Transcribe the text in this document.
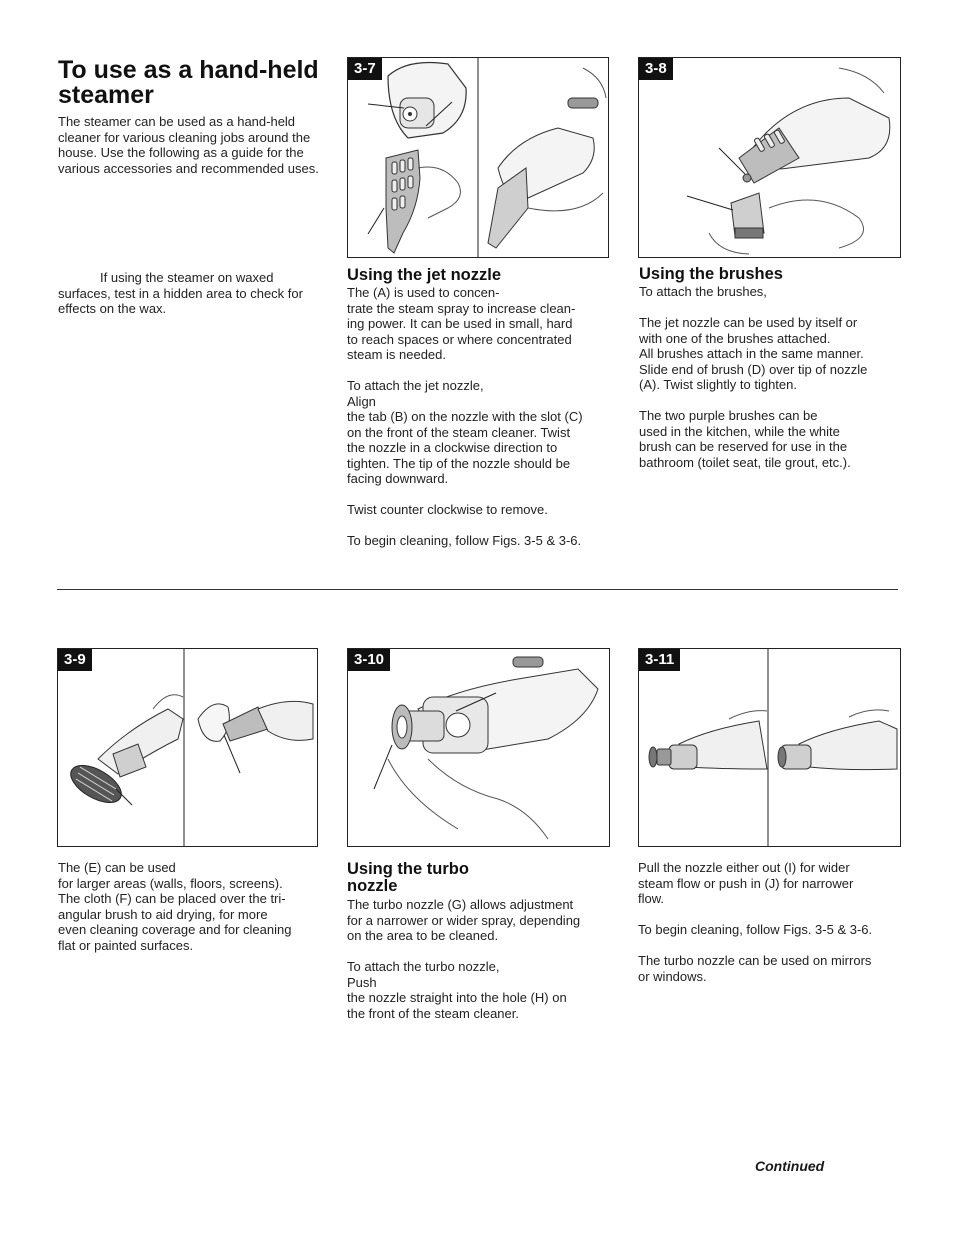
To use as a hand-held steamer

The steamer can be used as a hand-held cleaner for various cleaning jobs around the house. Use the following as a guide for the various accessories and recommended uses.

If using the steamer on waxed surfaces, test in a hidden area to check for effects on the wax.

3-7	3-8
Using the jet nozzle

The (A) is used to concen-
trate the steam spray to increase clean-
ing power. It can be used in small, hard
to reach spaces or where concentrated
steam is needed.

To attach the jet nozzle,
Align
the tab (B) on the nozzle with the slot (C)
on the front of the steam cleaner. Twist
the nozzle in a clockwise direction to
tighten. The tip of the nozzle should be
facing downward.

Twist counter clockwise to remove.

To begin cleaning, follow Figs. 3-5 & 3-6.

Using the brushes

To attach the brushes,

The jet nozzle can be used by itself or
with one of the brushes attached.
All brushes attach in the same manner.
Slide end of brush (D) over tip of nozzle
(A). Twist slightly to tighten.

The two purple brushes can be
used in the kitchen, while the white
brush can be reserved for use in the
bathroom (toilet seat, tile grout, etc.).

3-9	3-10	3-11

The (E) can be used
for larger areas (walls, floors, screens).
The cloth (F) can be placed over the tri-
angular brush to aid drying, for more
even cleaning coverage and for cleaning
flat or painted surfaces.

Using the turbo
nozzle

The turbo nozzle (G) allows adjustment
for a narrower or wider spray, depending
on the area to be cleaned.

To attach the turbo nozzle,
Push
the nozzle straight into the hole (H) on
the front of the steam cleaner.

Pull the nozzle either out (I) for wider
steam flow or push in (J) for narrower
flow.

To begin cleaning, follow Figs. 3-5 & 3-6.

The turbo nozzle can be used on mirrors
or windows.

Continued
